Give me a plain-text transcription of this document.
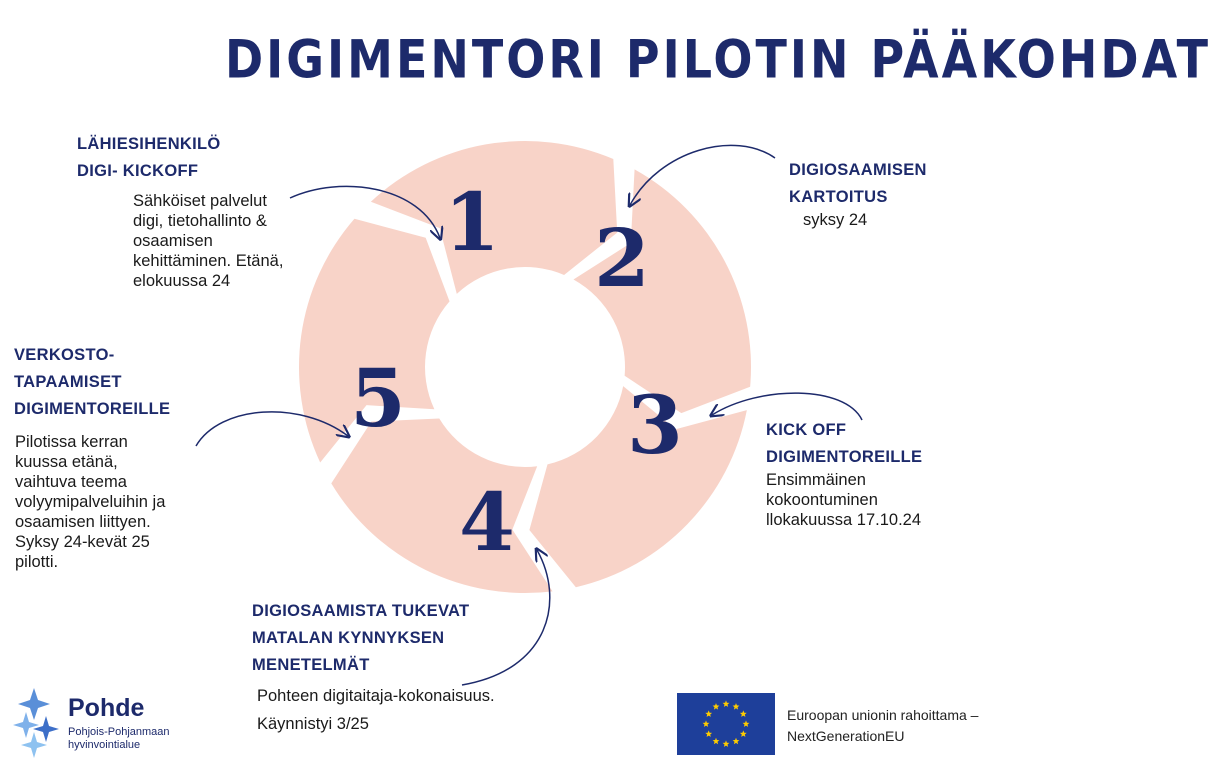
DIGIMENTORI PILOTIN PÄÄKOHDAT
1 2
3
4
5
LÄHIESIHENKILÖ
DIGI- KICKOFF
Sähköiset palvelut
digi, tietohallinto &
osaamisen
kehittäminen. Etänä,
elokuussa 24
DIGIOSAAMISEN
KARTOITUS
syksy 24
KICK OFF
DIGIMENTOREILLE
Ensimmäinen
kokoontuminen
llokakuussa 17.10.24
DIGIOSAAMISTA TUKEVAT
MATALAN KYNNYKSEN
MENETELMÄT
Pohteen digitaitaja-kokonaisuus.
Käynnistyi 3/25
VERKOSTO-
TAPAAMISET
DIGIMENTOREILLE
Pilotissa kerran
kuussa etänä,
vaihtuva teema
volyymipalveluihin ja
osaamisen liittyen.
Syksy 24-kevät 25
pilotti.
Pohde
Pohjois-Pohjanmaan
hyvinvointialue
Euroopan unionin rahoittama –
NextGenerationEU
